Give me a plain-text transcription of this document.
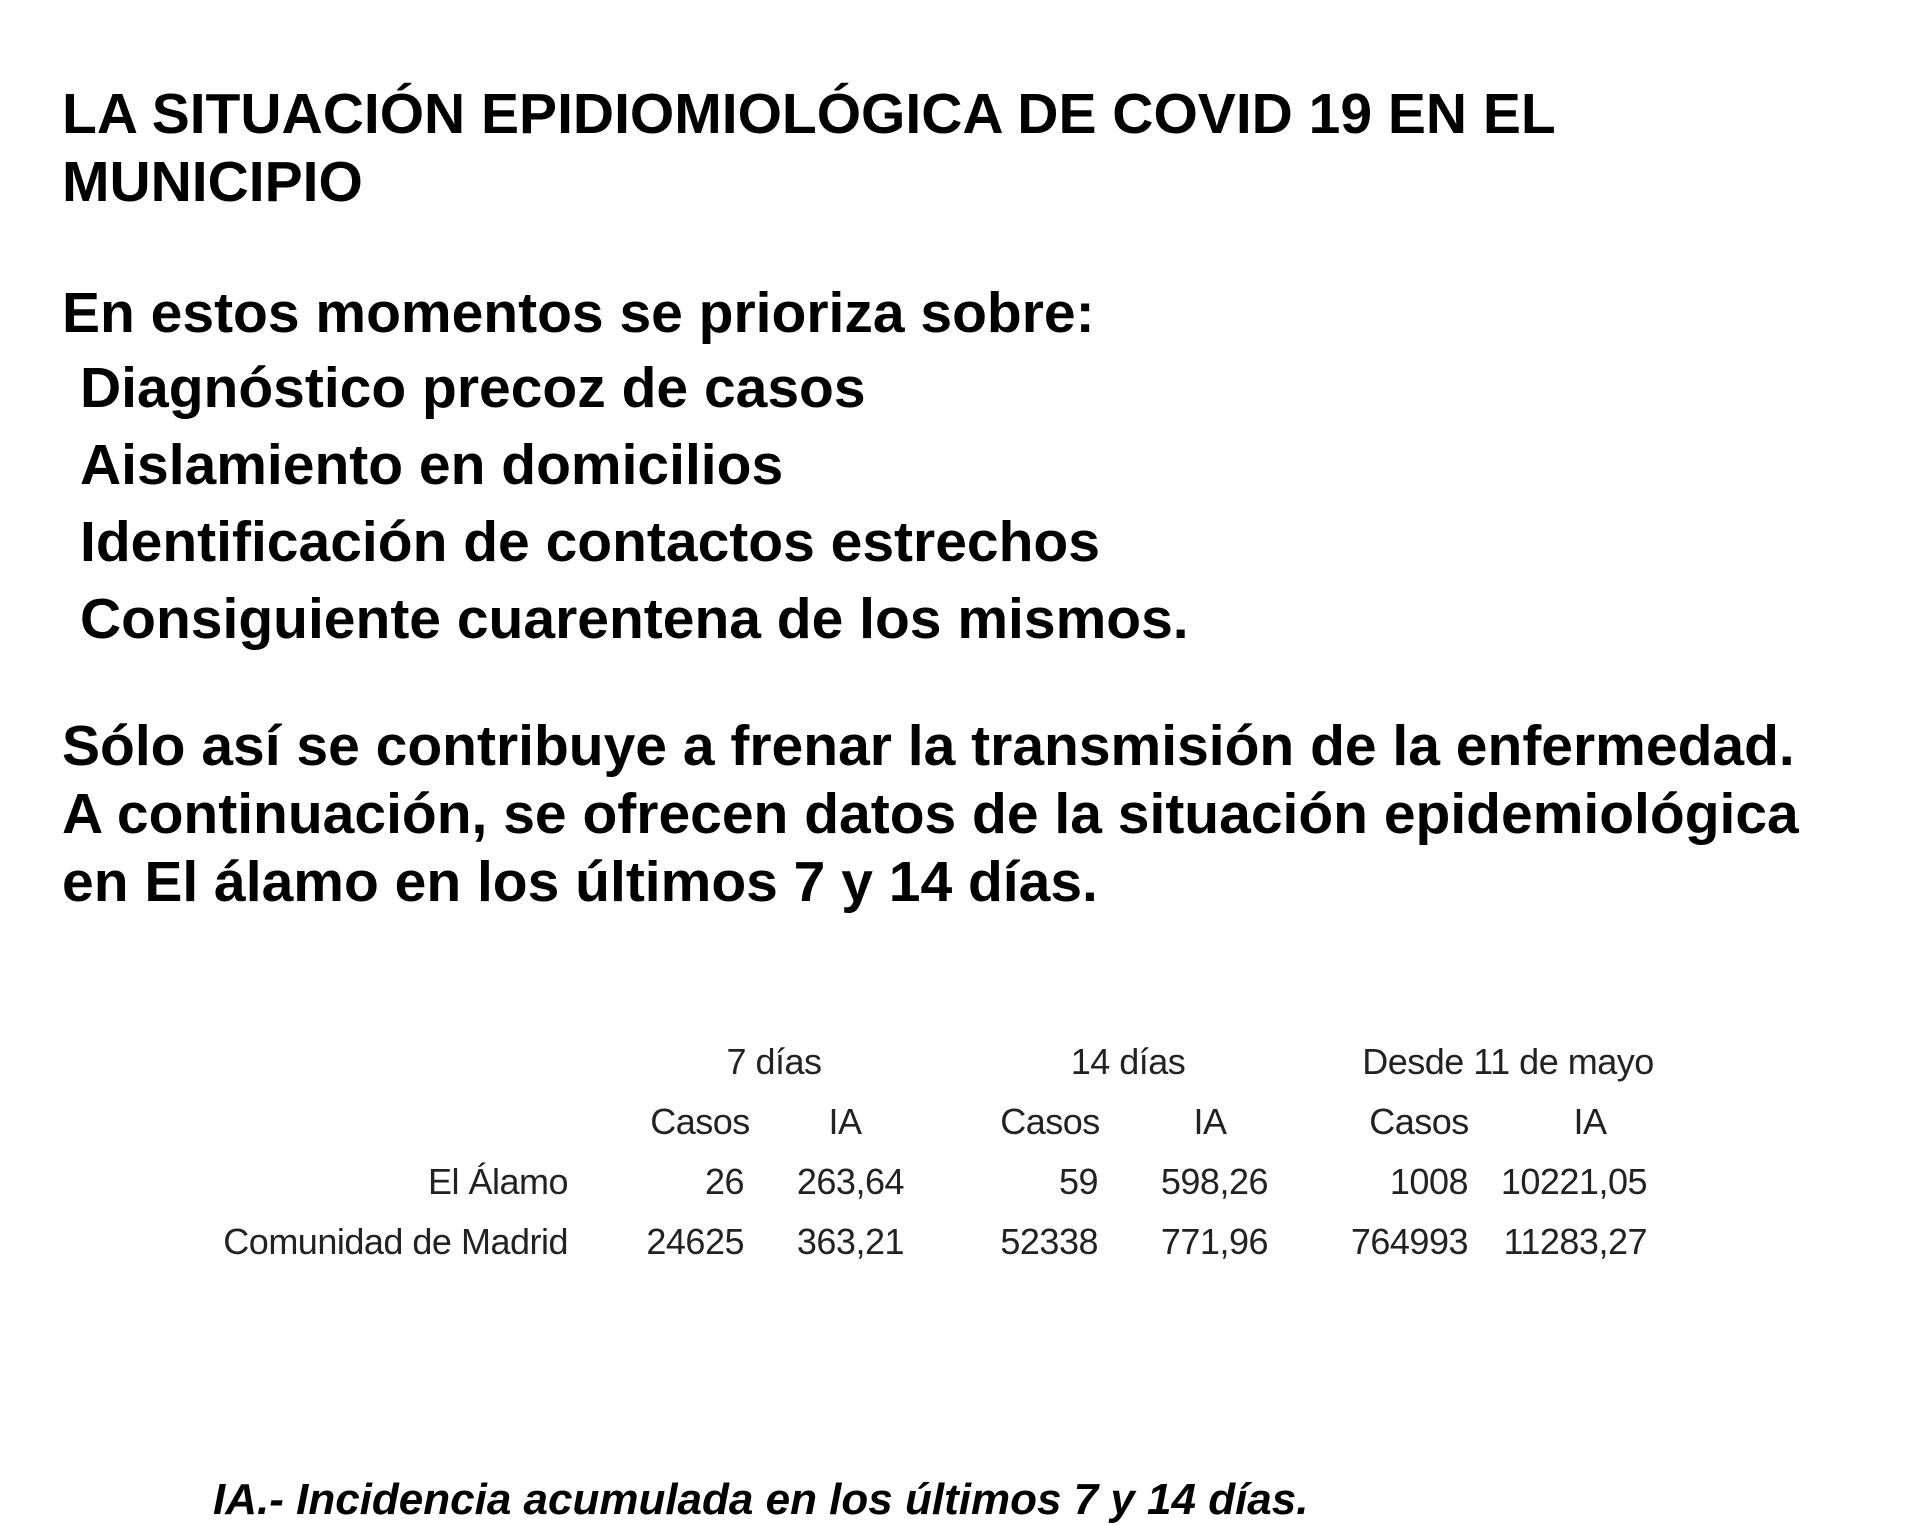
LA SITUACIÓN EPIDIOMIOLÓGICA DE COVID 19 EN EL MUNICIPIO

En estos momentos se prioriza sobre:

Diagnóstico precoz de casos
Aislamiento en domicilios
Identificación de contactos estrechos
Consiguiente cuarentena de los mismos.

Sólo así se contribuye a frenar la transmisión de la enfermedad.
A continuación, se ofrecen datos de la situación epidemiológica
en El álamo en los últimos 7 y 14 días.

7 días	14 días	Desde 11 de mayo
Casos IA	Casos	IA	Casos	IA
El Álamo	26 263,64	59 598,26	1008 10221,05
Comunidad de Madrid 24625 363,21	52338 771,96 764993 11283,27

IA.- Incidencia acumulada en los últimos 7 y 14 días.
